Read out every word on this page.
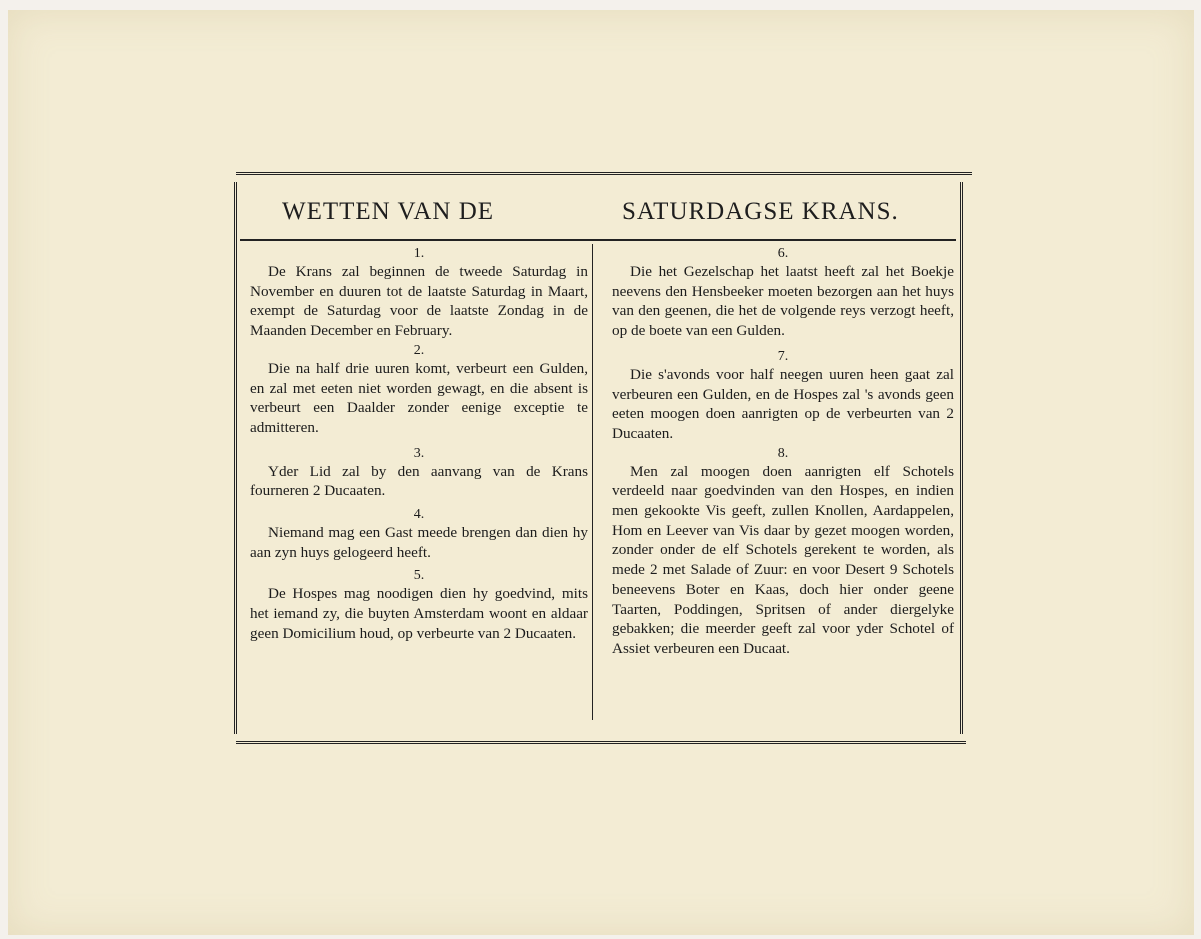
WETTEN VAN DE	SATURDAGSE KRANS.
1.

De Krans zal beginnen de tweede Saturdag in November en duuren tot de laatste Saturdag in Maart, exempt de Saturdag voor de laatste Zondag in de Maanden December en February.

2.

Die na half drie uuren komt, verbeurt een Gulden, en zal met eeten niet worden gewagt, en die absent is verbeurt een Daalder zonder eenige exceptie te admitteren.

3.

Yder Lid zal by den aanvang van de Krans fourneren 2 Ducaaten.

4.

Niemand mag een Gast meede brengen dan dien hy aan zyn huys gelogeerd heeft.

5.

De Hospes mag noodigen dien hy goedvind, mits het iemand zy, die buyten Amsterdam woont en aldaar geen Domicilium houd, op verbeurte van 2 Ducaaten.

6.

Die het Gezelschap het laatst heeft zal het Boekje neevens den Hensbeeker moeten bezorgen aan het huys van den geenen, die het de volgende reys verzogt heeft, op de boete van een Gulden.

7.

Die s'avonds voor half neegen uuren heen gaat zal verbeuren een Gulden, en de Hospes zal 's avonds geen eeten moogen doen aanrigten op de verbeurten van 2 Ducaaten.

8.

Men zal moogen doen aanrigten elf Schotels verdeeld naar goedvinden van den Hospes, en indien men gekookte Vis geeft, zullen Knollen, Aardappelen, Hom en Leever van Vis daar by gezet moogen worden, zonder onder de elf Schotels gerekent te worden, als mede 2 met Salade of Zuur: en voor Desert 9 Schotels beneevens Boter en Kaas, doch hier onder geene Taarten, Poddingen, Spritsen of ander diergelyke gebakken; die meerder geeft zal voor yder Schotel of Assiet verbeuren een Ducaat.
